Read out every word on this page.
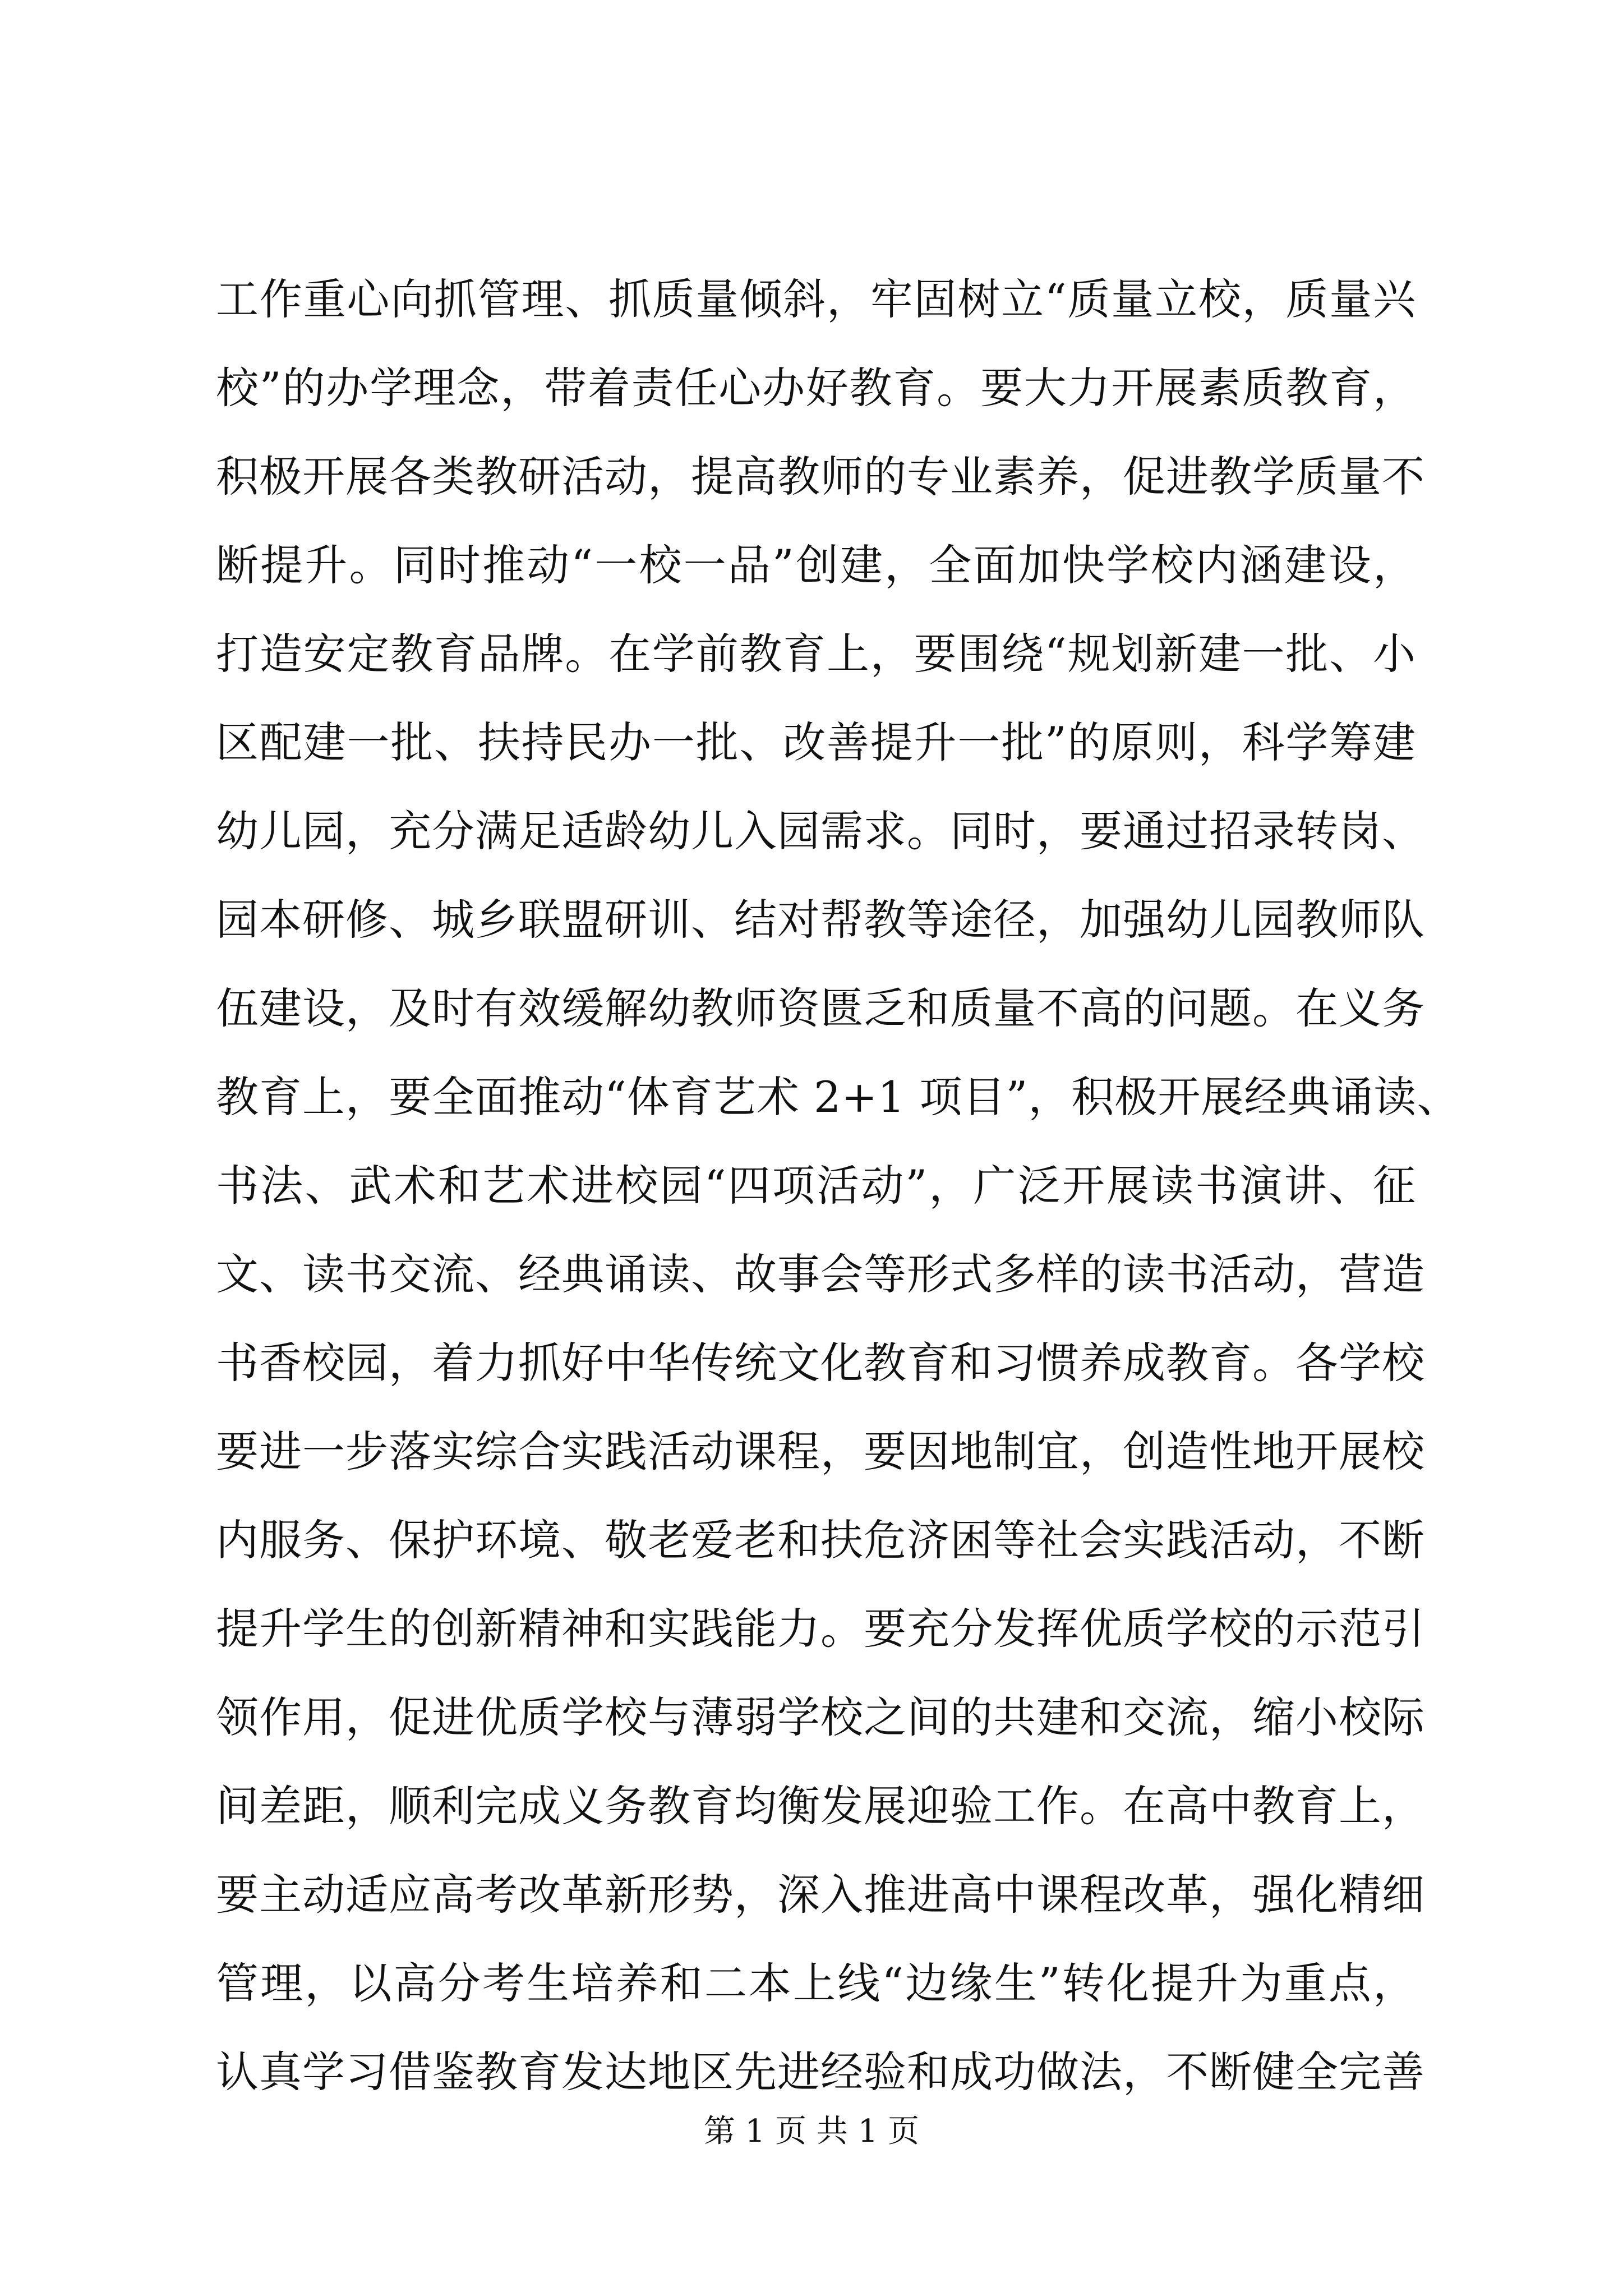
工作重心向抓管理、抓质量倾斜，牢固树立“质量立校，质量兴
校”的办学理念，带着责任心办好教育。要大力开展素质教育，
积极开展各类教研活动，提高教师的专业素养，促进教学质量不
断提升。同时推动“一校一品”创建，全面加快学校内涵建设，
打造安定教育品牌。在学前教育上，要围绕“规划新建一批、小
区配建一批、扶持民办一批、改善提升一批”的原则，科学筹建
幼儿园，充分满足适龄幼儿入园需求。同时，要通过招录转岗、
园本研修、城乡联盟研训、结对帮教等途径，加强幼儿园教师队
伍建设，及时有效缓解幼教师资匮乏和质量不高的问题。在义务
教育上，要全面推动“体育艺术 2+1 项目”，积极开展经典诵读、
书法、武术和艺术进校园“四项活动”，广泛开展读书演讲、征
文、读书交流、经典诵读、故事会等形式多样的读书活动，营造
书香校园，着力抓好中华传统文化教育和习惯养成教育。各学校
要进一步落实综合实践活动课程，要因地制宜，创造性地开展校
内服务、保护环境、敬老爱老和扶危济困等社会实践活动，不断
提升学生的创新精神和实践能力。要充分发挥优质学校的示范引
领作用，促进优质学校与薄弱学校之间的共建和交流，缩小校际
间差距，顺利完成义务教育均衡发展迎验工作。在高中教育上，
要主动适应高考改革新形势，深入推进高中课程改革，强化精细
管理，以高分考生培养和二本上线“边缘生”转化提升为重点，
认真学习借鉴教育发达地区先进经验和成功做法，不断健全完善
第 1 页 共 1 页
